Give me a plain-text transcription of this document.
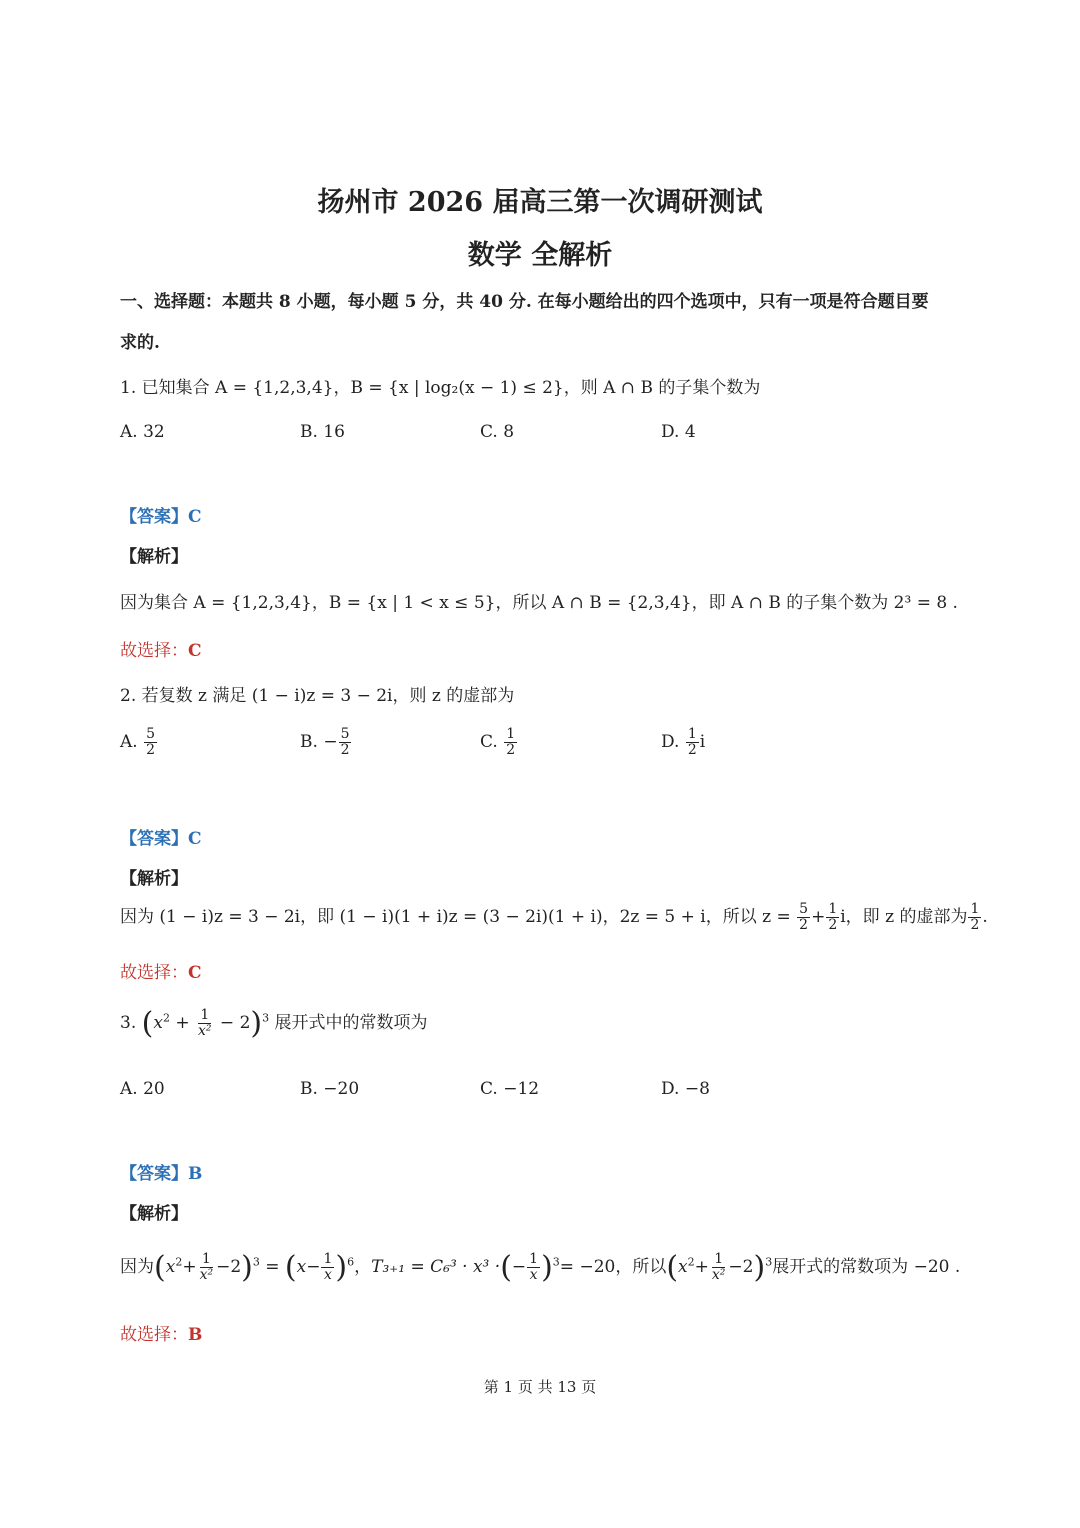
扬州市 2026 届高三第一次调研测试
数学 全解析
一、选择题：本题共 8 小题，每小题 5 分，共 40 分. 在每小题给出的四个选项中，只有一项是符合题目要
求的.
1. 已知集合 A = {1,2,3,4}，B = {x | log₂(x − 1) ≤ 2}，则 A ∩ B 的子集个数为
A. 32	B. 16	C. 8	D. 4
【答案】C
【解析】
因为集合 A = {1,2,3,4}，B = {x | 1 < x ≤ 5}，所以 A ∩ B = {2,3,4}，即 A ∩ B 的子集个数为 2³ = 8 .
故选择：C
2. 若复数 z 满足 (1 − i)z = 3 − 2i，则 z 的虚部为
A. $\frac{5}{2}$	B. − $\frac{5}{2}$	C. $\frac{1}{2}$	D. $\frac{1}{2}$ i
【答案】C
【解析】
因为 (1 − i)z = 3 − 2i，即 (1 − i)(1 + i)z = (3 − 2i)(1 + i)，2z = 5 + i，所以 $z = \frac{5}{2} + \frac{1}{2}$ i，即 z 的虚部为 $\frac{1}{2}$ .
故选择：C
3. $(x^2 + \frac{1}{\text{x²}} - 2)^3$ 展开式中的常数项为
A. 20	B. −20	C. −12	D. −8
【答案】B
【解析】
因为$(x^2+ \frac{1}{\text{x²}} -2)^3 = (x- \frac{1}{x} )^6$，T₃₊₁ = C₆³ · x³ ·(− $\frac{1}{x} )^3= -20$，所以$(x^2+ \frac{1}{\text{x²}} -2)^3$展开式的常数项为 −20 .
故选择：B
第 1 页 共 13 页
